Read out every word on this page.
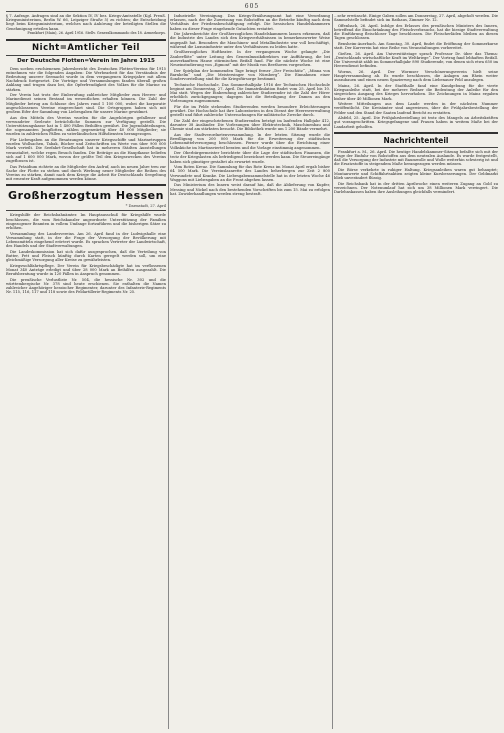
605

§ 7. Anfrage. Anfragen sind an die Sektion IV, IV bez. Kriegs-Amtsstelle (Kgl. Preuß. Kriegsministerium, Berlin W. 66, Leipziger Straße 5) zu richten; die Entscheidung liegt beim Kriegsministerium, welches nach Anhörung der beteiligten Stellen die Genehmigung erteilen kann.

Frankfurt (Main), 26. April 1916. Stellv. Generalkommando des 18. Armeekorps.

Nicht=Amtlicher Teil
Der Deutsche Flotten=Verein im Jahre 1915

Dem soeben erschienenen Jahresbericht des Deutschen Flotten-Vereins für 1915 entnehmen wir die folgenden Angaben: Die Werbearbeit für das Verständnis der Bedeutung unserer Seemacht wurde in dem vergangenen Kriegsjahre mit allem Nachdruck fortgesetzt. Die Vorträge und Versammlungen fanden überall großen Anklang und trugen dazu bei, die Opferfreudigkeit des Volkes für die Marine zu stärken.

Der Verein hat trotz der Einberufung zahlreicher Mitglieder zum Heeres- und Marinedienst seinen Bestand im wesentlichen erhalten können. Die Zahl der Mitglieder betrug am Schlusse des Jahres rund 1 100 000, wobei die korporativ angeschlossenen Vereine eingerechnet sind. Die Ortsgruppen haben sich mit großem Eifer der Sammlung von Liebesgaben für unsere Marine gewidmet.

Aus den Mitteln des Vereins wurden für die Angehörigen gefallener und verwundeter Seeleute beträchtliche Summen zur Verfügung gestellt. Die Unterstützungskasse hat in 1 400 Fällen Beihilfen gewährt. Die Jugendabteilungen, die sogenannten Jungflotten, zählen gegenwärtig über 40 000 Mitglieder; sie wurden in zahlreichen Fällen zu vaterländischen Hilfsdiensten herangezogen.

Für Liebesgaben an die Besatzungen unserer Kriegsschiffe und Marinetruppen wurden Wollsachen, Tabak, Bücher und Zeitschriften im Werte von über 900 000 Mark verteilt. Die Seefahrt-Gesellschaft hat in mehreren Städten Ausstellungen veranstaltet, welche regen Besuch fanden. Die Beiträge an die Hauptkasse beliefen sich auf 1 600 000 Mark, wovon der größte Teil den Kriegszwecken des Vereins zugeflossen ist.

Das Präsidium richtete an die Mitglieder den Aufruf, auch im neuen Jahre treu zur Sache der Flotte zu stehen und durch Werbung neuer Mitglieder die Reihen des Vereins zu stärken, damit nach dem Kriege die Arbeit für Deutschlands Seegeltung mit erneuter Kraft aufgenommen werden könne.

Großherzogtum Hessen
* Darmstadt, 27. April

Kriegshilfe der Reichsbahnämter. Im Hauptausschuß für Kriegshilfe wurde beschlossen, die vom Reichskanzler angeordnete Unterstützung der Familien eingezogener Beamten in vollem Umfange fortzuführen und die bisherigen Sätze zu erhöhen.

Versammlung des Landesvereins. Am 26. April fand in der Ludwigshalle eine Versammlung statt, in der die Frage der Versorgung der Bevölkerung mit Lebensmitteln eingehend erörtert wurde. Es sprachen Vertreter der Landwirtschaft, des Handels und der Stadtverwaltungen.

Die Landeskommission hat sich dafür ausgesprochen, daß die Verteilung von Butter, Fett und Fleisch künftig durch Karten geregelt werden soll, um eine gleichmäßige Versorgung aller Kreise zu gewährleisten.

Kriegswohlfahrtspflege. Der Verein für Kriegsbeschädigte hat im verflossenen Monat 340 Anträge erledigt und über 28 000 Mark an Beihilfen ausgezahlt. Die Berufsberatung wurde in 120 Fällen in Anspruch genommen.

Die preußische Verlustliste Nr. 504, die hessische Nr. 302 und die württembergische Nr. 378 sind heute erschienen. Sie enthalten die Namen zahlreicher Angehöriger hessischer Regimenter, darunter des Infanterie-Regiments Nr. 115, 116, 117 und 118 sowie des Feldartillerie-Regiments Nr. 25.

Industrielle Vereinigung. Das Kriegs-Ernährungsamt hat eine Verordnung erlassen, nach der die Zuweisung von Rohstoffen an die Betriebe künftig nach dem Verhältnis der Friedensbeschäftigung erfolgt. Die hessischen Handelskammern haben zu dieser Frage eingehende Gutachten erstattet.

Die Jahresberichte der Großherzoglichen Handelskammern lassen erkennen, daß die Industrie des Landes sich den Kriegsverhältnissen in bemerkenswerter Weise angepaßt hat. Besonders die Maschinen- und Metallindustrie war voll beschäftigt, während die Luxusindustrie unter den Verhältnissen zu leiden hatte.

Großherzogliches Hoftheater. In der vergangenen Woche gelangte „Die Zauberflöte“ unter Leitung des Generalmusikdirektors zur Aufführung, die bei ausverkauftem Hause stürmischen Beifall fand. Für die nächste Woche ist eine Neueinstudierung von „Egmont“ mit der Musik von Beethoven vorgesehen.

Der Spielplan der kommenden Tage bringt ferner „Der Freischütz“, „Minna von Barnhelm“ und „Die Meistersinger von Nürnberg“. Die Einnahmen einer Sondervorstellung sind für die Kriegsfürsorge bestimmt.

Technische Hochschule. Das Sommerhalbjahr 1916 der Technischen Hochschule beginnt am Donnerstag, 27. April. Die Immatrikulation findet vom 25. April bis 10. Mai statt. Wegen der Einberufung zahlreicher Studierender ist die Zahl der Hörer erheblich zurückgegangen; dagegen hat die Beteiligung der Damen an den Vorlesungen zugenommen.

Für die im Felde stehenden Studierenden werden besondere Erleichterungen gewährt. Die Hochschule hat ihre Laboratorien in den Dienst der Heeresverwaltung gestellt und führt zahlreiche Untersuchungen für militärische Zwecke durch.

Die Zahl der eingeschriebenen Studierenden beträgt im laufenden Halbjahr 412, darunter 38 Ausländer. Die Vorlesungen über Elektrotechnik, Maschinenbau und Chemie sind am stärksten besucht. Die Bibliothek wurde um 1 200 Bände vermehrt.

Aus der Stadtverordnetenversammlung. In der letzten Sitzung wurde die Bewilligung von 200 000 Mark für die Erweiterung der städtischen Lebensmittelversorgung beschlossen. Ferner wurde über die Errichtung einer Volksküche im Martinsviertel beraten und die Vorlage einstimmig angenommen.

Der Oberbürgermeister berichtete über die Lage der städtischen Finanzen, die trotz der Kriegslasten als befriedigend bezeichnet werden kann. Die Steuereingänge haben sich günstiger gestaltet als erwartet wurde.

Vom Roten Kreuz. Die Sammlung für das Rote Kreuz im Monat April ergab bisher 64 500 Mark. Die Vereinslazarette des Landes beherbergen zur Zeit 2 800 Verwundete und Kranke. Die Liebesgabensammelstelle hat in der letzten Woche 46 Waggons mit Liebesgaben an die Front abgehen lassen.

Das Ministerium des Innern weist darauf hin, daß die Ablieferung von Kupfer, Messing und Nickel nach den bestehenden Vorschriften bis zum 15. Mai zu erfolgen hat. Zuwiderhandlungen werden streng bestraft.

...sehr erwünscht. Einige Gaben sollen am Donnerstag, 27. April, abgeholt werden. Die Sammelstelle befindet sich im Rathaus, Zimmer Nr. 12.

Offenbach, 26. April. Infolge des Erlasses des preußischen Ministers des Innern, betreffend die Einschränkung des Fleischverbrauchs, hat die hiesige Stadtverwaltung die Einführung fleischloser Tage beschlossen. Die Fleischerläden bleiben an diesen Tagen geschlossen.

Bensheim-Auerbach. Am Sonntag, 30. April, findet die Eröffnung der Sommerkurse statt. Der Kurverein hat eine Reihe von Veranstaltungen vorbereitet.

Gießen, 26. April. Am Universitätstage sprach Professor Dr. über das Thema: „Deutschlands wirtschaftliche Kraft im Weltkriege“. Der Vortrag fand lebhaften Beifall. Die Universität zählt im Sommerhalbjahr 890 Studierende, von denen sich etwa 650 im Heeresdienst befinden.

Worms, 26. April. Der Wormser Verschönerungsverein hielt seine Hauptversammlung ab. Es wurde beschlossen, die Anlagen am Rhein weiter auszubauen und einen neuen Spazierweg nach dem Liebenauer Feld anzulegen.

Mainz, 26. April. In der Stadthalle fand eine Kundgebung für die vierte Kriegsanleihe statt, bei der mehrere Redner die Bedeutung der Anleihe für den siegreichen Ausgang des Krieges hervorhoben. Die Zeichnungen in Mainz ergaben bisher über 40 Millionen Mark.

Weitere Mitteilungen aus dem Lande werden in der nächsten Nummer veröffentlicht. Die Kreisämter sind angewiesen, über die Frühjahrsbestellung der Felder und den Stand der Saaten laufend Bericht zu erstatten.

Alsfeld, 25. April. Die Frühjahrsbestellung ist trotz des Mangels an Arbeitskräften gut vorangeschritten. Kriegsgefangene und Frauen haben in weitem Maße bei der Landarbeit geholfen.

Nachrichtenteil

Frankfurt a. M., 26. April. Die heutige Handelskammer-Sitzung befaßte sich mit der Frage der Einfuhr von Rohstoffen aus dem neutralen Auslande. Es wurde festgestellt, daß die Versorgung der Industrie mit Baumwolle und Wolle weiterhin schwierig ist und die Ersatzstoffe in steigendem Maße herangezogen werden müssen.

Die Börse verkehrte in ruhiger Haltung. Kriegsanleihen waren gut behauptet; Montanwerte und Schiffahrtsaktien zeigten kleine Kursbesserungen. Der Geldmarkt blieb unverändert flüssig.

Die Reichsbank hat in der dritten Aprilwoche einen weiteren Zugang an Gold zu verzeichnen. Der Notenumlauf hat sich um 38 Millionen Mark verringert. Die Darlehnskassen haben ihre Ausleihungen gleichfalls vermindert.
